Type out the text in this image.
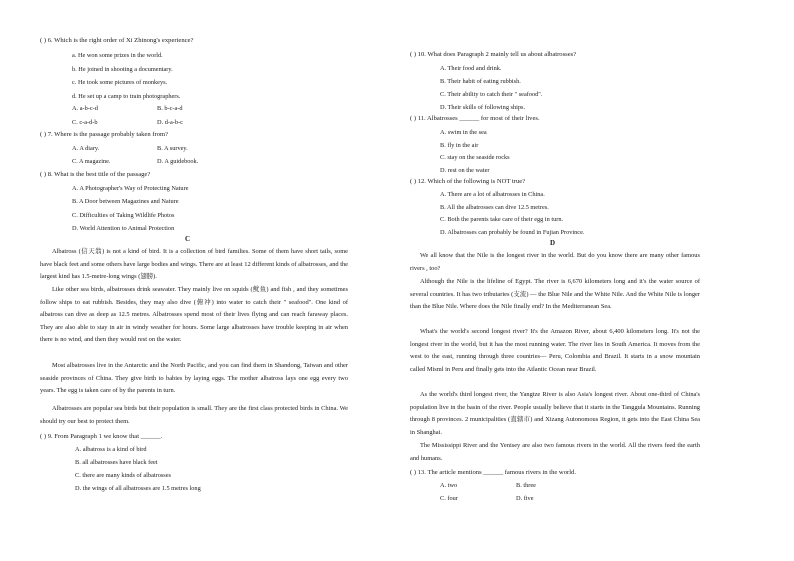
( ) 6. Which is the right order of Xi Zhinong's experience?
a. He won some prizes in the world.
b. He joined in shooting a documentary.
c. He took some pictures of monkeys.
d. He set up a camp to train photographers.
A. a-b-c-d	B. b-c-a-d
C. c-a-d-b	D. d-a-b-c
( ) 7. Where is the passage probably taken from?
A. A diary.	B. A survey.
C. A magazine.	D. A guidebook.
( ) 8. What is the best title of the passage?
A. A Photographer's Way of Protecting Nature
B. A Door between Magazines and Nature
C. Difficulties of Taking Wildlife Photos
D. World Attention to Animal Protection
C
Albatross (信天翁) is not a kind of bird. It is a collection of bird families. Some of them have short tails, some have black feet and some others have large bodies and wings. There are at least 12 different kinds of albatrosses, and the largest kind has 1.5-metre-long wings (翅膀).
Like other sea birds, albatrosses drink seawater. They mainly live on squids (鱿鱼) and fish , and they sometimes follow ships to eat rubbish. Besides, they may also dive (俯冲) into water to catch their " seafood". One kind of albatross can dive as deep as 12.5 metres. Albatrosses spend most of their lives flying and can reach faraway places. They are also able to stay in air in windy weather for hours. Some large albatrosses have trouble keeping in air when there is no wind, and then they would rest on the water.
Most albatrosses live in the Antarctic and the North Pacific, and you can find them in Shandong, Taiwan and other seaside provinces of China. They give birth to babies by laying eggs. The mother albatross lays one egg every two years. The egg is taken care of by the parents in turn.
Albatrosses are popular sea birds but their population is small. They are the first class protected birds in China. We should try our best to protect them.
( ) 9. From Paragraph 1 we know that ______.
A. albatross is a kind of bird
B. all albatrosses have black feet
C. there are many kinds of albatrosses
D. the wings of all albatrosses are 1.5 metres long
( ) 10. What does Paragraph 2 mainly tell us about albatrosses?
A. Their food and drink.
B. Their habit of eating rubbish.
C. Their ability to catch their " seafood".
D. Their skills of following ships.
( ) 11. Albatrosses ______ for most of their lives.
A. swim in the sea
B. fly in the air
C. stay on the seaside rocks
D. rest on the water
( ) 12. Which of the following is NOT true?
A. There are a lot of albatrosses in China.
B. All the albatrosses can dive 12.5 metres.
C. Both the parents take care of their egg in turn.
D. Albatrosses can probably be found in Fujian Province.
D
We all know that the Nile is the longest river in the world. But do you know there are many other famous rivers , too?
Although the Nile is the lifeline of Egypt. The river is 6,670 kilometers long and it's the water source of several countries. It has two tributaries (支流) — the Blue Nile and the White Nile. And the White Nile is longer than the Blue Nile. Where does the Nile finally end? In the Mediterranean Sea.
What's the world's second longest river? It's the Amazon River, about 6,400 kilometers long. It's not the longest river in the world, but it has the most running water. The river lies in South America. It moves from the west to the east, running through three countries— Peru, Colombia and Brazil. It starts in a snow mountain called Misml in Peru and finally gets into the Atlantic Ocean near Brazil.
As the world's third longest river, the Yangtze River is also Asia's longest river. About one-third of China's population live in the basin of the river. People usually believe that it starts in the Tanggula Mountains. Running through 8 provinces. 2 municipalities (直辖市) and Xizang Autonomous Region, it gets into the East China Sea in Shanghai.
The Mississippi River and the Yenisey are also two famous rivers in the world. All the rivers feed the earth and humans.
( ) 13. The article mentions ______ famous rivers in the world.
A. two	B. three
C. four	D. five
